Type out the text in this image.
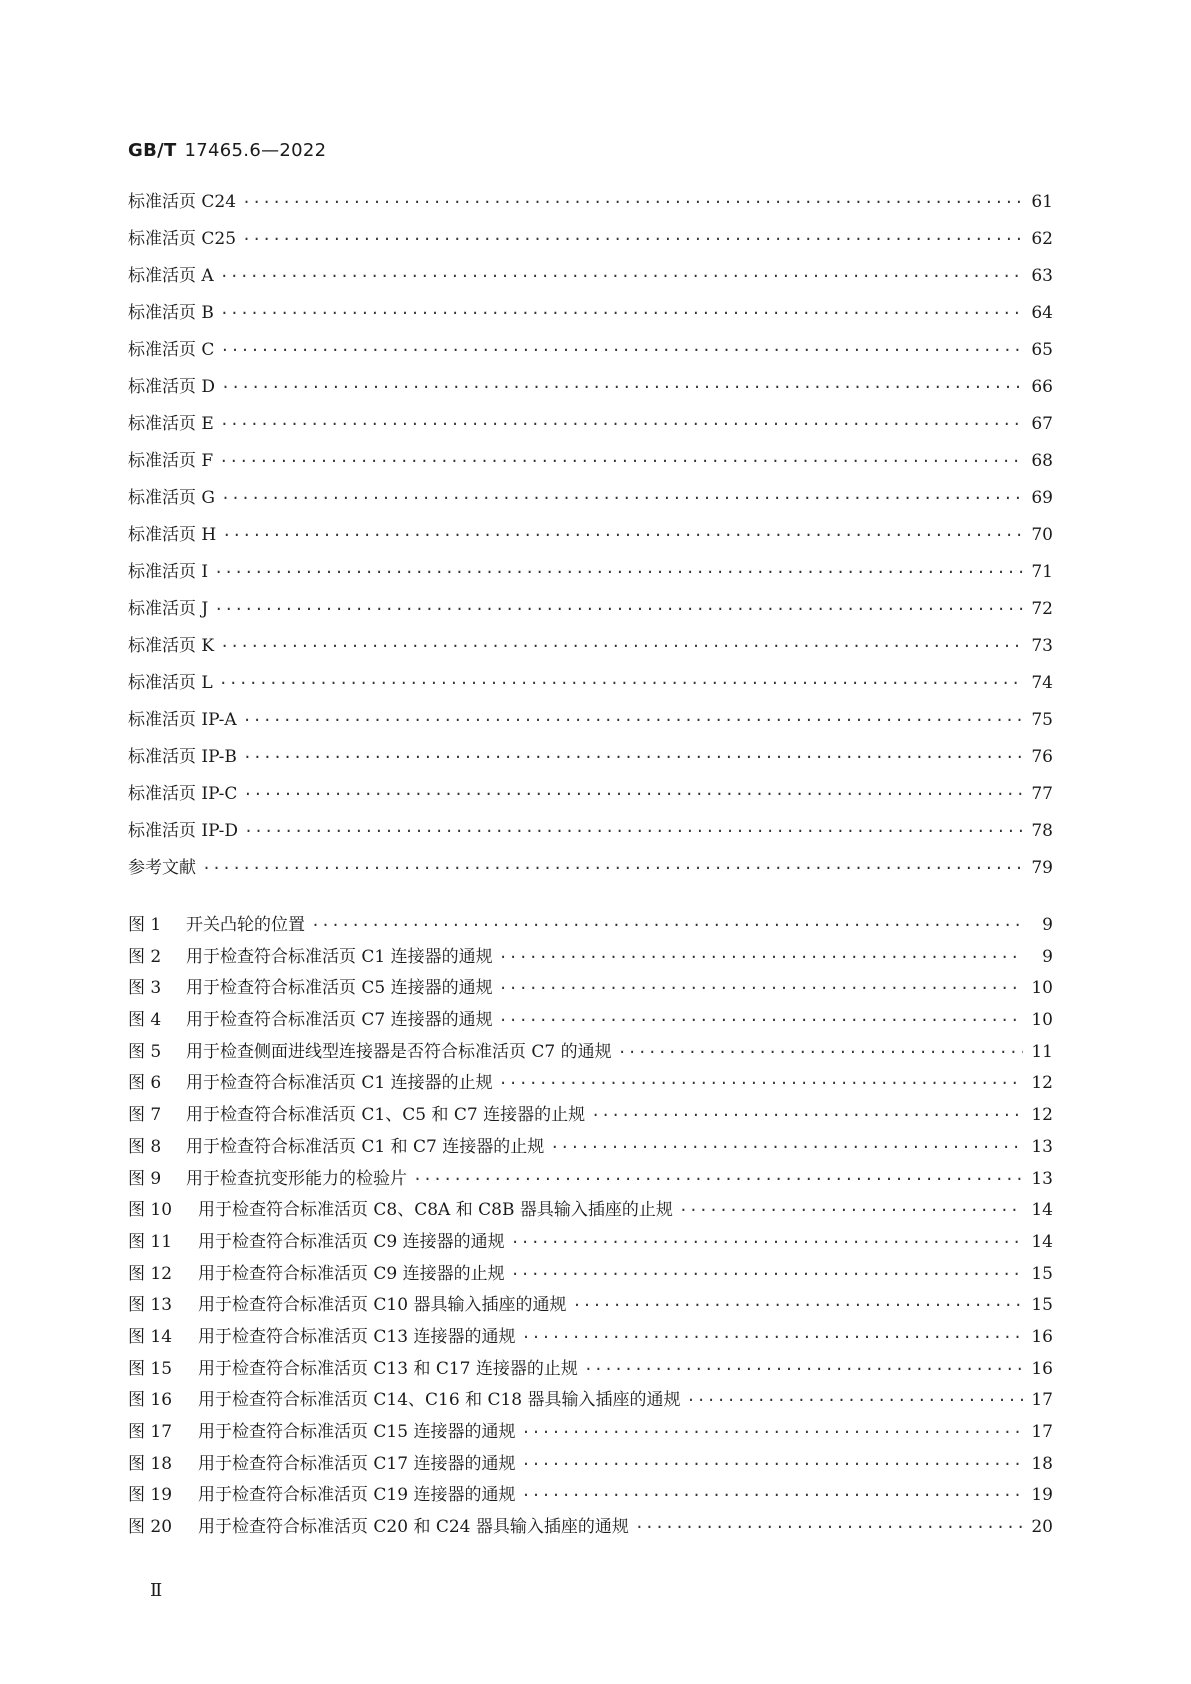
GB/T 17465.6—2022
标准活页 C24 ·····	61
标准活页 C25 ·····	62
标准活页 A ·····	63
标准活页 B ·····	64
标准活页 C ·····	65
标准活页 D ·····	66
标准活页 E ·····	67
标准活页 F ·····	68
标准活页 G ·····	69
标准活页 H ·····	70
标准活页 I ·····	71
标准活页 J ·····	72
标准活页 K ·····	73
标准活页 L ·····	74
标准活页 IP-A ·····	75
标准活页 IP-B ·····	76
标准活页 IP-C ·····	77
标准活页 IP-D ·····	78
参考文献 ·····	79
图 1	开关凸轮的位置 ·····	9
图 2	用于检查符合标准活页 C1 连接器的通规 ·····	9
图 3	用于检查符合标准活页 C5 连接器的通规 ·····	10
图 4	用于检查符合标准活页 C7 连接器的通规 ·····	10
图 5	用于检查侧面进线型连接器是否符合标准活页 C7 的通规 ·····	11
图 6	用于检查符合标准活页 C1 连接器的止规 ·····	12
图 7	用于检查符合标准活页 C1、C5 和 C7 连接器的止规 ·····	12
图 8	用于检查符合标准活页 C1 和 C7 连接器的止规 ·····	13
图 9	用于检查抗变形能力的检验片 ·····	13
图 10	用于检查符合标准活页 C8、C8A 和 C8B 器具输入插座的止规 ·····	14
图 11	用于检查符合标准活页 C9 连接器的通规 ·····	14
图 12	用于检查符合标准活页 C9 连接器的止规 ·····	15
图 13	用于检查符合标准活页 C10 器具输入插座的通规 ·····	15
图 14	用于检查符合标准活页 C13 连接器的通规 ·····	16
图 15	用于检查符合标准活页 C13 和 C17 连接器的止规 ·····	16
图 16	用于检查符合标准活页 C14、C16 和 C18 器具输入插座的通规 ·····	17
图 17	用于检查符合标准活页 C15 连接器的通规 ·····	17
图 18	用于检查符合标准活页 C17 连接器的通规 ·····	18
图 19	用于检查符合标准活页 C19 连接器的通规 ·····	19
图 20	用于检查符合标准活页 C20 和 C24 器具输入插座的通规 ·····	20
Ⅱ
